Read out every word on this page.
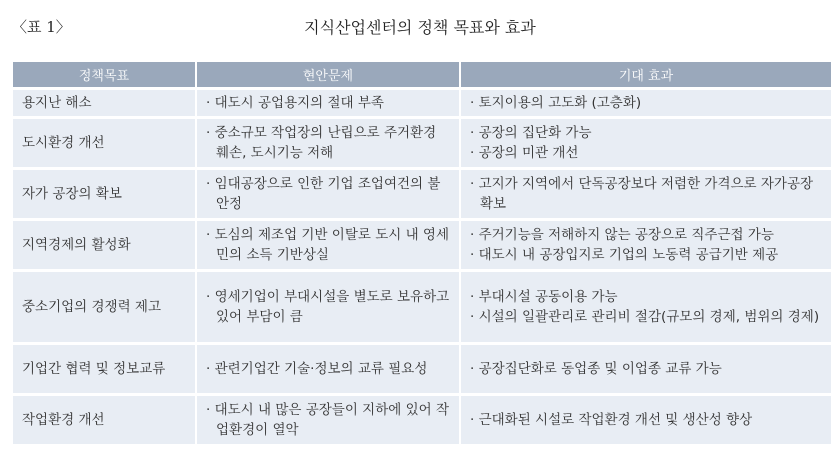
〈표 1〉	지식산업센터의 정책 목표와 효과
정책목표	현안문제	기대 효과
용지난 해소	· 대도시 공업용지의 절대 부족	· 토지이용의 고도화 (고층화)

도시환경 개선	· 중소규모 작업장의 난립으로 주거환경 훼손, 도시기능 저해	· 공장의 집단화 가능
· 공장의 미관 개선

자가 공장의 확보	· 임대공장으로 인한 기업 조업여건의 불안정	· 고지가 지역에서 단독공장보다 저렴한 가격으로 자가공장 확보

지역경제의 활성화	· 도심의 제조업 기반 이탈로 도시 내 영세민의 소득 기반상실	· 주거기능을 저해하지 않는 공장으로 직주근접 가능
· 대도시 내 공장입지로 기업의 노동력 공급기반 제공

중소기업의 경쟁력 제고	· 영세기업이 부대시설을 별도로 보유하고 있어 부담이 큼	· 부대시설 공동이용 가능
· 시설의 일괄관리로 관리비 절감(규모의 경제, 범위의 경제)

기업간 협력 및 정보교류	· 관련기업간 기술·정보의 교류 필요성	· 공장집단화로 동업종 및 이업종 교류 가능

작업환경 개선	· 대도시 내 많은 공장들이 지하에 있어 작업환경이 열악	· 근대화된 시설로 작업환경 개선 및 생산성 향상
